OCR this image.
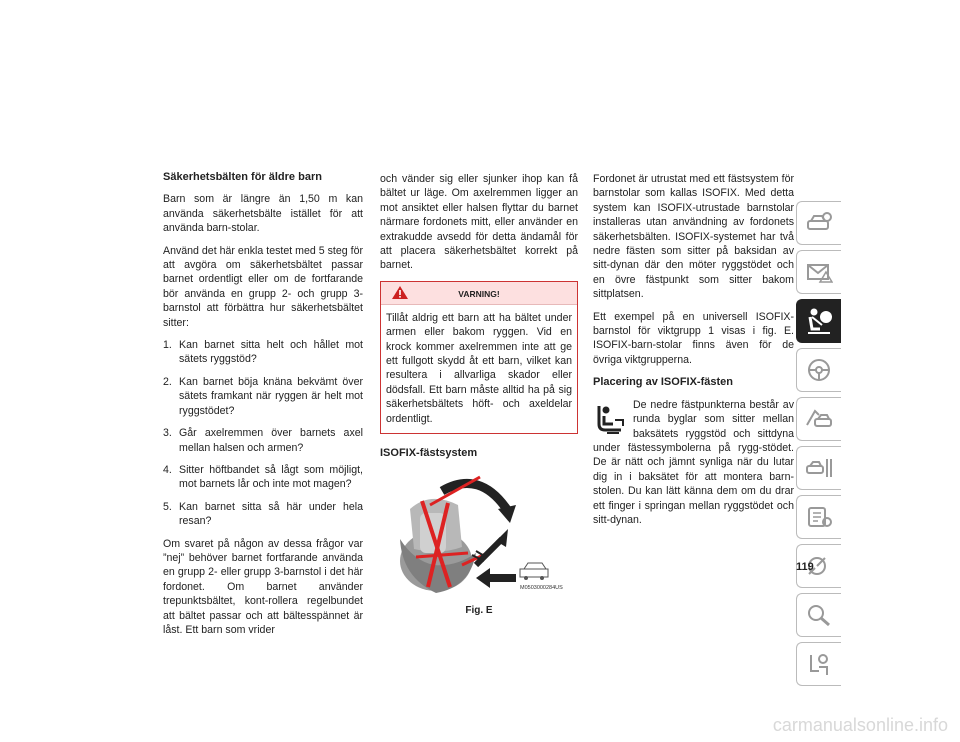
Säkerhetsbälten för äldre barn

Barn som är längre än 1,50 m kan använda säkerhetsbälte istället för att använda barn-stolar.

Använd det här enkla testet med 5 steg för att avgöra om säkerhetsbältet passar barnet ordentligt eller om de fortfarande bör använda en grupp 2- och grupp 3-barnstol att förbättra hur säkerhetsbältet sitter:

1. Kan barnet sitta helt och hållet mot sätets ryggstöd?
2. Kan barnet böja knäna bekvämt över sätets framkant när ryggen är helt mot ryggstödet?
3. Går axelremmen över barnets axel mellan halsen och armen?
4. Sitter höftbandet så lågt som möjligt, mot barnets lår och inte mot magen?
5. Kan barnet sitta så här under hela resan?

Om svaret på någon av dessa frågor var ”nej” behöver barnet fortfarande använda en grupp 2- eller grupp 3-barnstol i det här fordonet. Om barnet använder trepunktsbältet, kont-rollera regelbundet att bältet passar och att bältesspännet är låst. Ett barn som vrider

och vänder sig eller sjunker ihop kan få bältet ur läge. Om axelremmen ligger an mot ansiktet eller halsen flyttar du barnet närmare fordonets mitt, eller använder en extrakudde avsedd för detta ändamål för att placera säkerhetsbältet korrekt på barnet.

VARNING!
Tillåt aldrig ett barn att ha bältet under armen eller bakom ryggen. Vid en krock kommer axelremmen inte att ge ett fullgott skydd åt ett barn, vilket kan resultera i allvarliga skador eller dödsfall. Ett barn måste alltid ha på sig säkerhetsbältets höft- och axeldelar ordentligt.
ISOFIX-fästsystem
M0503000284US
Fig. E

Fordonet är utrustat med ett fästsystem för barnstolar som kallas ISOFIX. Med detta system kan ISOFIX-utrustade barnstolar installeras utan användning av fordonets säkerhetsbälten. ISOFIX-systemet har två nedre fästen som sitter på baksidan av sitt-dynan där den möter ryggstödet och en övre fästpunkt som sitter bakom sittplatsen.

Ett exempel på en universell ISOFIX-barnstol för viktgrupp 1 visas i fig. E. ISOFIX-barn-stolar finns även för de övriga viktgrupperna.

Placering av ISOFIX-fästen

De nedre fästpunkterna består av runda byglar som sitter mellan baksätets ryggstöd och sittdyna under fästessymbolerna på rygg-stödet. De är nätt och jämnt synliga när du lutar dig in i baksätet för att montera barn-stolen. Du kan lätt känna dem om du drar ett finger i springan mellan ryggstödet och sitt-dynan.

119
carmanualsonline.info
